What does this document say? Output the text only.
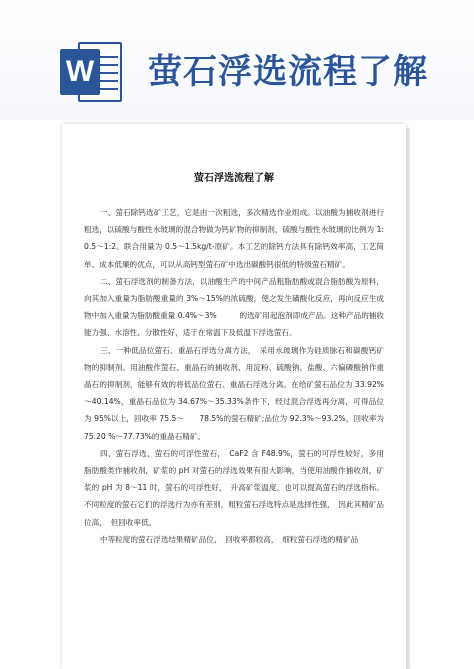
W 萤石浮选流程了解
萤石浮选流程了解

一、萤石除钙选矿工艺，它是由一次粗选，多次精选作业组成。以油酸为捕收剂进行粗选，以硫酸与酸性水玻璃的混合物做为钙矿物的抑制剂，硫酸与酸性水玻璃的比例为 1:0.5～1:2。联合用量为 0.5～1.5kg/t-原矿。本工艺的除钙方法具有除钙效率高，工艺简单、成本低廉的优点，可以从高钙型萤石矿中选出碳酸钙很低的特级萤石精矿。

二、萤石浮选剂的制备方法，以油酸生产的中间产品粗脂肪酸或混合脂肪酸为原料，向其加入重量为脂肪酸重量的 3%～15%的浓硫酸，使之发生磺酸化反应，再向反应生成物中加入重量为脂肪酸重量 0.4%～3%　　　的选矿用起泡剂即成产品。这种产品的捕收能力强、水溶性、分散性好，适于在常温下及低温下浮选萤石。

三、一种低品位萤石、重晶石浮选分离方法，　采用水玻璃作为硅质脉石和碳酸钙矿物的抑制剂、用油酸作萤石、重晶石的捕收剂、用淀粉、硫酸钠、盐酸、六偏磷酸钠作重晶石的抑制剂，能够有效的将低品位萤石、重晶石浮选分离。在给矿萤石品位为 33.92%～40.14%，重晶石品位为 34.67%～35.33%条件下，经过混合浮选再分离，可得品位为 95%以上，回收率 75.5～　　78.5%的萤石精矿;品位为 92.3%～93.2%，回收率为 75.20 %～77.73%的重晶石精矿。

四、萤石浮选，萤石的可浮性萤石，　CaF2 含 F48.9%，萤石的可浮性较好，多用脂肪酸类作捕收剂，矿浆的 pH 对萤石的浮选效果有很大影响，当使用油酸作捕收剂，矿浆的 pH 为 8～11 时，萤石的可浮性好，　升高矿浆温度，也可以提高萤石的浮选指标。不同粒度的萤石它们的浮选行为亦有差别，粗粒萤石浮选特点是选择性强，　因此其精矿品位高，　但回收率低。

中等粒度的萤石浮选结果精矿品位、　回收率都较高，　细粒萤石浮选的精矿品
